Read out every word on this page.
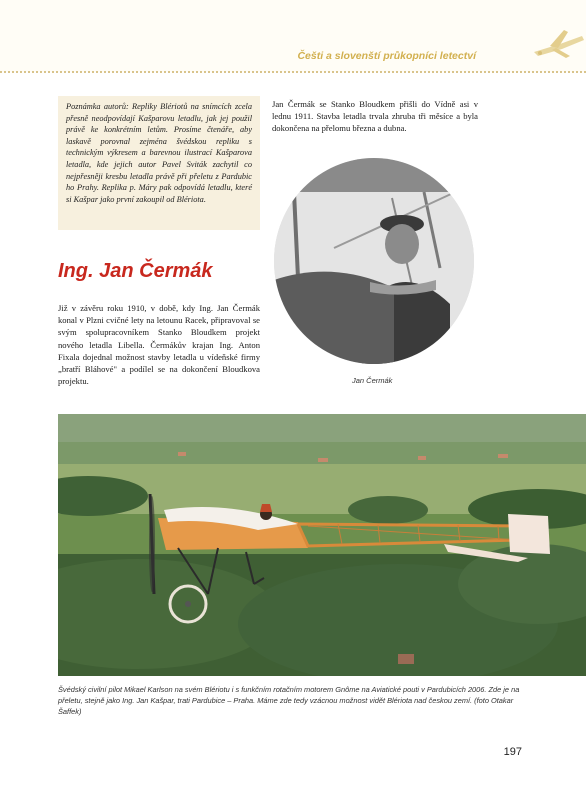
Češti a slovenští průkopníci letectví

Poznámka autorů: Repliky Blériotů na snímcích zcela přesně neodpovídají Kašparovu letadlu, jak jej použil právě ke konkrétním letům. Prosíme čtenáře, aby laskavě porovnal zejména švédskou repliku s technickým výkresem a barevnou ilustrací Kašparova letadla, kde jejich autor Pavel Sviták zachytil co nejpřesněji kresbu letadla právě při přeletu z Pardubic ho Prahy. Replika p. Máry pak odpovídá letadlu, které si Kašpar jako první zakoupil od Blériota.

Jan Čermák se Stanko Bloudkem přišli do Vídně asi v lednu 1911. Stavba letadla trvala zhruba tři měsíce a byla dokončena na přelomu března a dubna.

Jan Čermák
Ing. Jan Čermák

Již v závěru roku 1910, v době, kdy Ing. Jan Čermák konal v Plzni cvičné lety na letounu Racek, připravoval se svým spolupracovníkem Stanko Bloudkem projekt nového letadla Libella. Čermákův krajan Ing. Anton Fixala dojednal možnost stavby letadla u vídeňské firmy „bratří Bláhové" a podílel se na dokončení Bloudkova projektu.

Švédský civilní pilot Mikael Karlson na svém Blériotu i s funkčním rotačním motorem Gnôme na Aviatické pouti v Pardubicích 2006. Zde je na přeletu, stejně jako Ing. Jan Kašpar, trati Pardubice – Praha. Máme zde tedy vzácnou možnost vidět Blériota nad českou zemí. (foto Otakar Šaffek)
197
